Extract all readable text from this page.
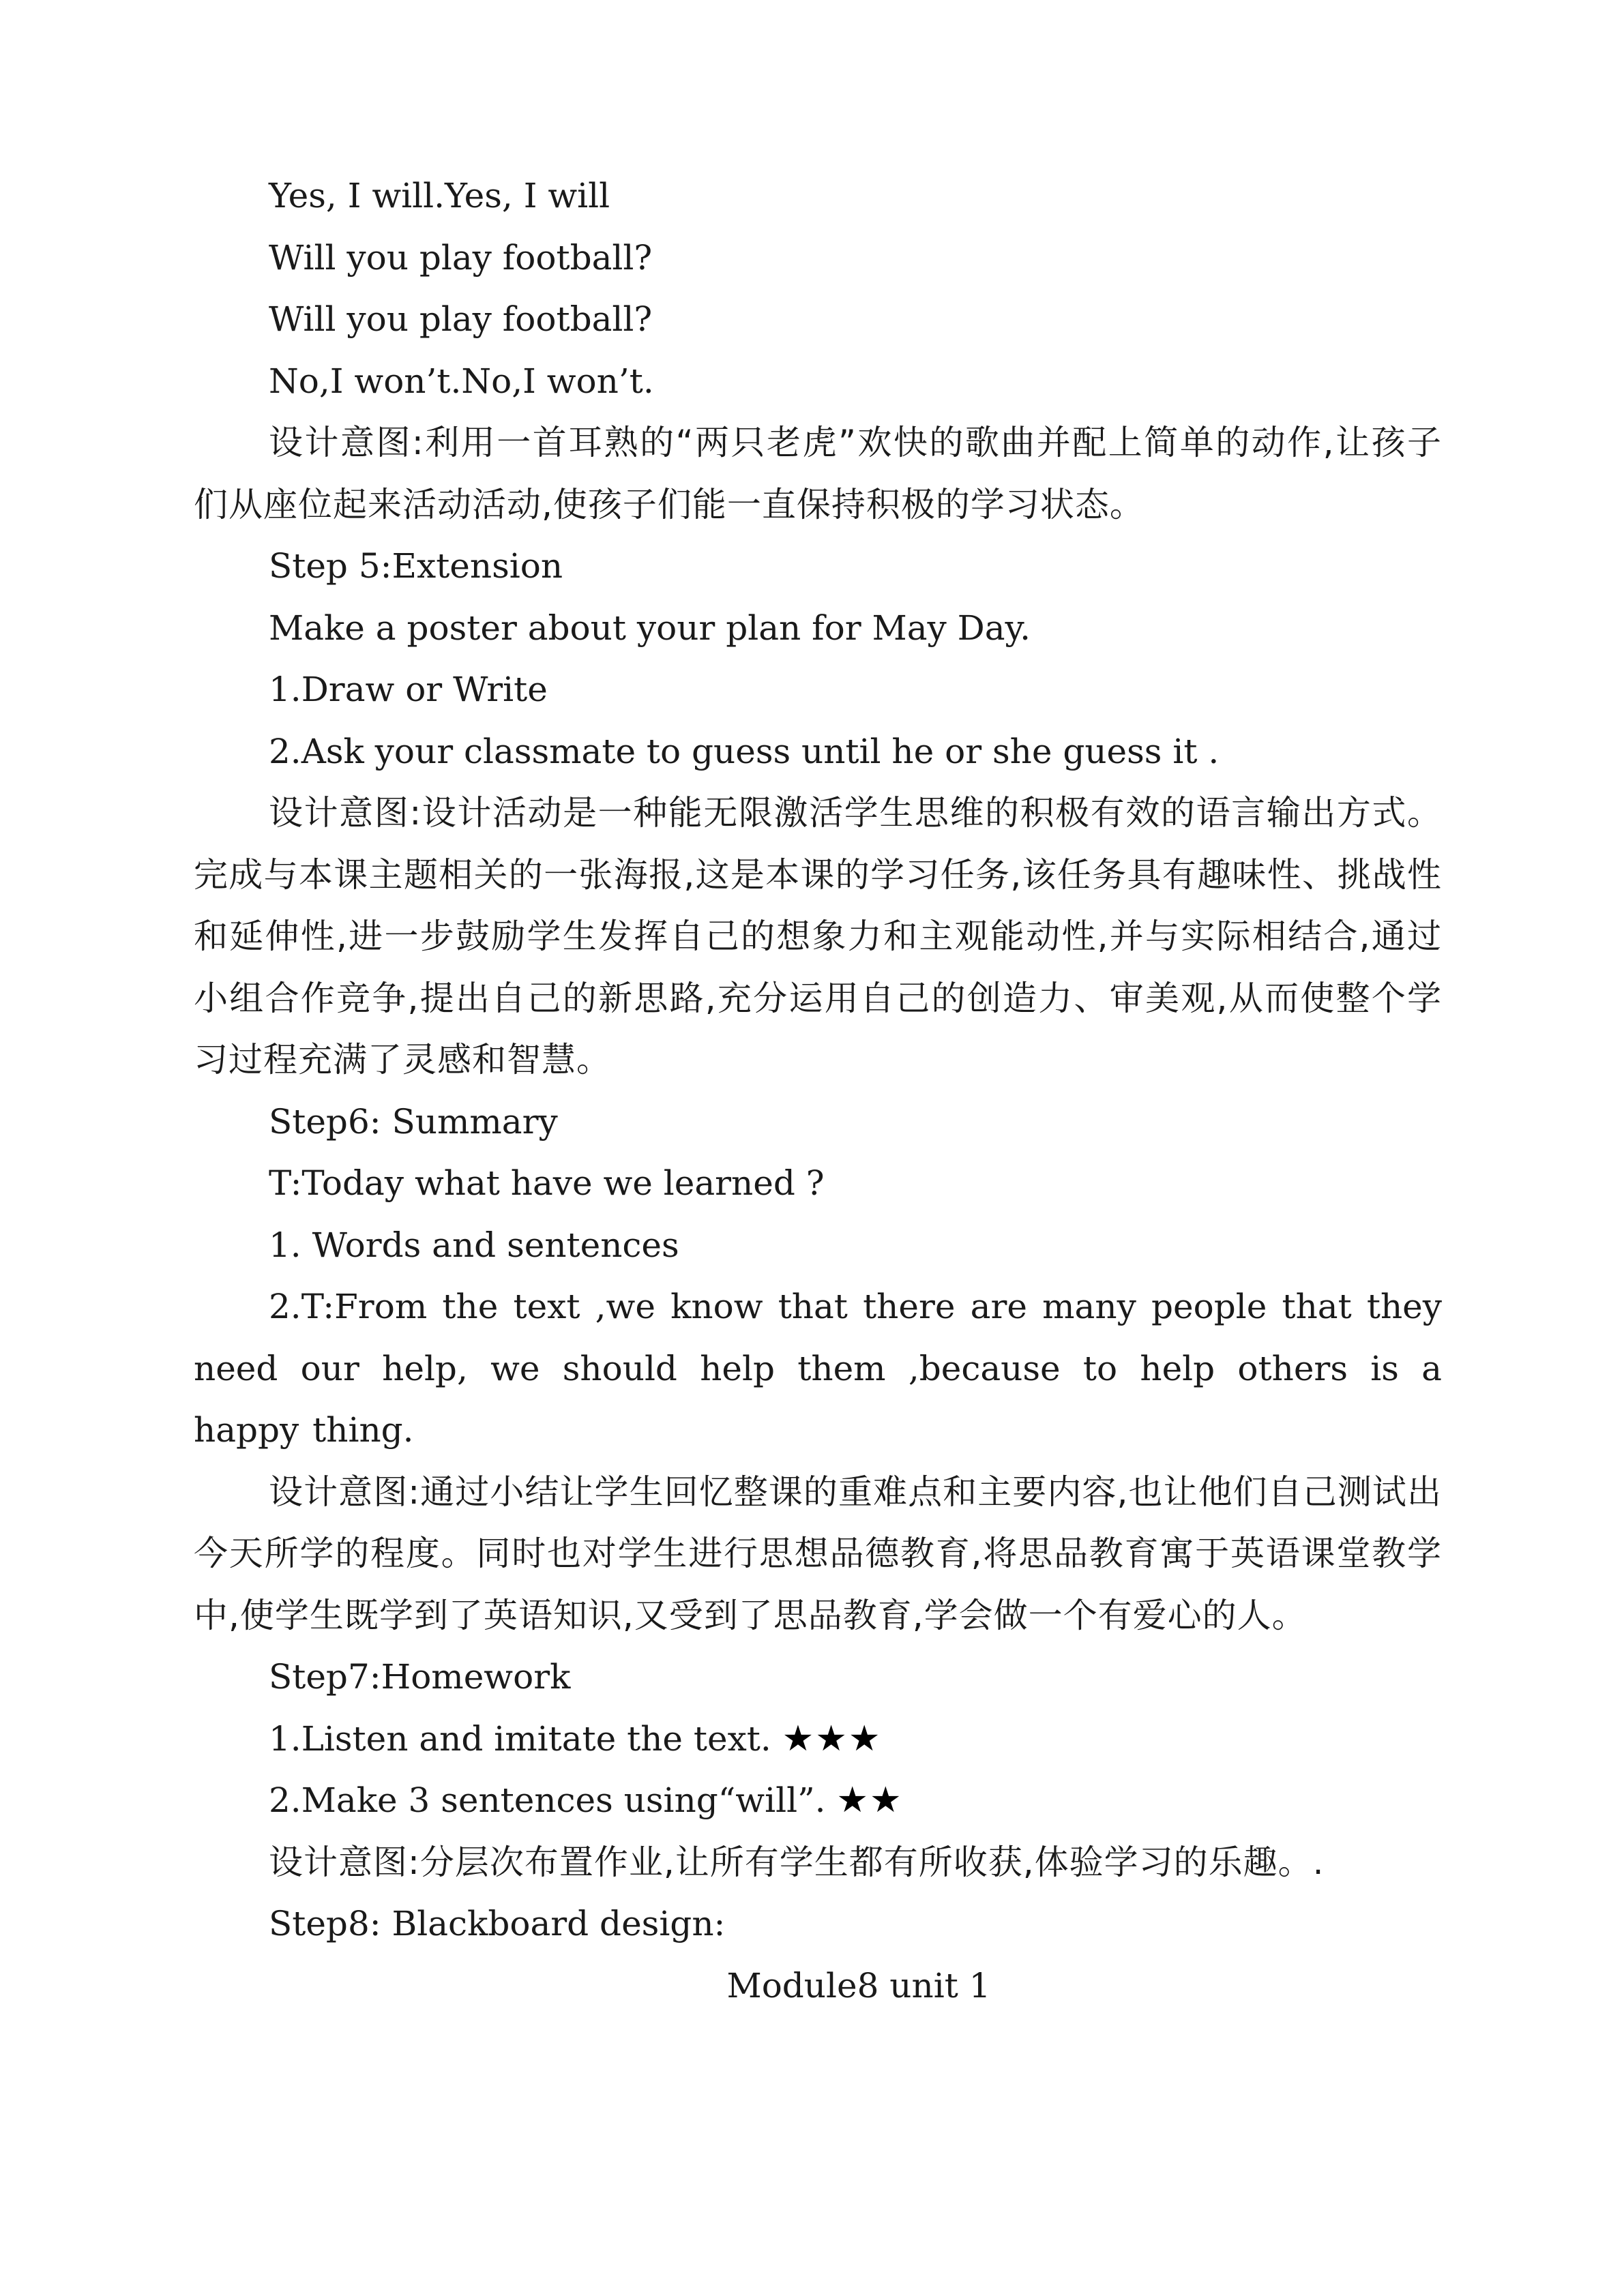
Yes, I will.Yes, I will
Will you play football?
Will you play football?
No,I won’t.No,I won’t.

设计意图:利用一首耳熟的“两只老虎”欢快的歌曲并配上简单的动作,让孩子们从座位起来活动活动,使孩子们能一直保持积极的学习状态。

Step 5:Extension
Make a poster about your plan for May Day.
1.Draw or Write
2.Ask your classmate to guess until he or she guess it .

设计意图:设计活动是一种能无限激活学生思维的积极有效的语言输出方式。完成与本课主题相关的一张海报,这是本课的学习任务,该任务具有趣味性、挑战性和延伸性,进一步鼓励学生发挥自己的想象力和主观能动性,并与实际相结合,通过小组合作竞争,提出自己的新思路,充分运用自己的创造力、审美观,从而使整个学习过程充满了灵感和智慧。

Step6: Summary
T:Today what have we learned ?
1. Words and sentences

2.T:From the text ,we know that there are many people that they need our help, we should help them ,because to help others is a happy thing.

设计意图:通过小结让学生回忆整课的重难点和主要内容,也让他们自己测试出今天所学的程度。同时也对学生进行思想品德教育,将思品教育寓于英语课堂教学中,使学生既学到了英语知识,又受到了思品教育,学会做一个有爱心的人。

Step7:Homework
1.Listen and imitate the text. ★★★
2.Make 3 sentences using“will”. ★★
设计意图:分层次布置作业,让所有学生都有所收获,体验学习的乐趣。.
Step8: Blackboard design:
Module8 unit 1
